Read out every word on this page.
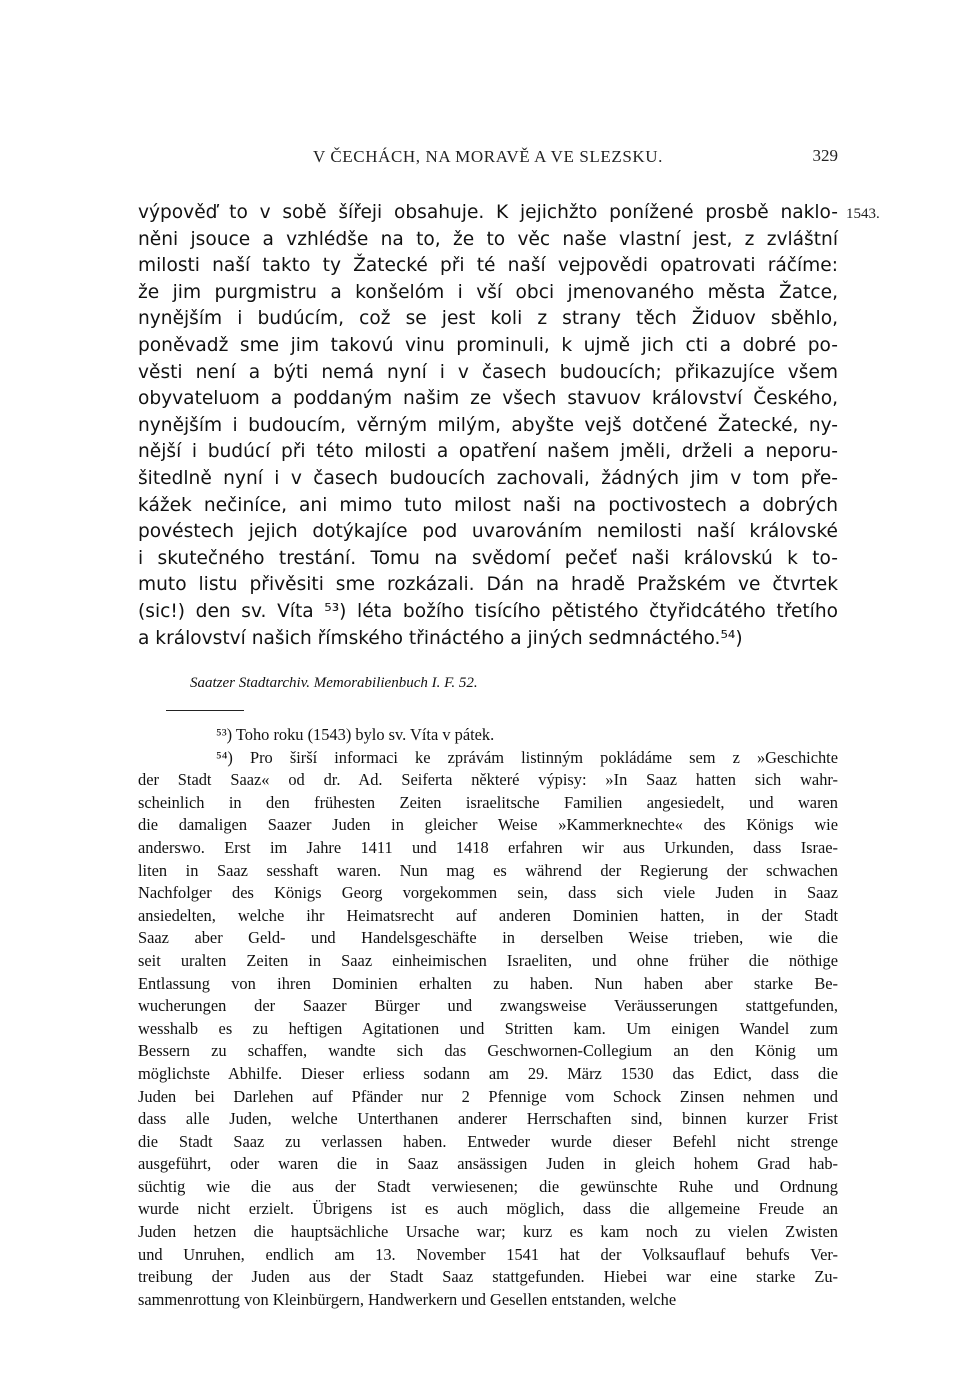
V ČECHÁCH, NA MORAVĚ A VE SLEZSKU.	329
1543.
výpověď to v sobě šířeji obsahuje. K jejichžto ponížené prosbě naklo-
něni jsouce a vzhlédše na to, že to věc naše vlastní jest, z zvláštní
milosti naší takto ty Žatecké při té naší vejpovědi opatrovati ráčíme:
že jim purgmistru a konšelóm i vší obci jmenovaného města Žatce,
nynějším i budúcím, což se jest koli z strany těch Židuov sběhlo,
poněvadž sme jim takovú vinu prominuli, k ujmě jich cti a dobré po-
věsti není a býti nemá nyní i v časech budoucích; přikazujíce všem
obyvateluom a poddaným našim ze všech stavuov království Českého,
nynějším i budoucím, věrným milým, abyšte vejš dotčené Žatecké, ny-
nější i budúcí při této milosti a opatření našem jměli, drželi a neporu-
šitedlně nyní i v časech budoucích zachovali, žádných jim v tom pře-
kážek nečiníce, ani mimo tuto milost naši na poctivostech a dobrých
povéstech jejich dotýkajíce pod uvarováním nemilosti naší královské
i skutečného trestání. Tomu na svědomí pečeť naši královskú k to-
muto listu přivěsiti sme rozkázali. Dán na hradě Pražském ve čtvrtek
(sic!) den sv. Víta ⁵³) léta božího tisícího pětistého čtyřidcátého třetího
a království našich římského třináctého a jiných sedmnáctého.⁵⁴)
Saatzer Stadtarchiv. Memorabilienbuch I. F. 52.
⁵³) Toho roku (1543) bylo sv. Víta v pátek.
⁵⁴) Pro širší informaci ke zprávám listinným pokládáme sem z »Geschichte
der Stadt Saaz« od dr. Ad. Seiferta některé výpisy: »In Saaz hatten sich wahr-
scheinlich in den frühesten Zeiten israelitsche Familien angesiedelt, und waren
die damaligen Saazer Juden in gleicher Weise »Kammerknechte« des Königs wie
anderswo. Erst im Jahre 1411 und 1418 erfahren wir aus Urkunden, dass Israe-
liten in Saaz sesshaft waren. Nun mag es während der Regierung der schwachen
Nachfolger des Königs Georg vorgekommen sein, dass sich viele Juden in Saaz
ansiedelten, welche ihr Heimatsrecht auf anderen Dominien hatten, in der Stadt
Saaz aber Geld- und Handelsgeschäfte in derselben Weise trieben, wie die
seit uralten Zeiten in Saaz einheimischen Israeliten, und ohne früher die nöthige
Entlassung von ihren Dominien erhalten zu haben. Nun haben aber starke Be-
wucherungen der Saazer Bürger und zwangsweise Veräusserungen stattgefunden,
wesshalb es zu heftigen Agitationen und Stritten kam. Um einigen Wandel zum
Bessern zu schaffen, wandte sich das Geschwornen-Collegium an den König um
möglichste Abhilfe. Dieser erliess sodann am 29. März 1530 das Edict, dass die
Juden bei Darlehen auf Pfänder nur 2 Pfennige vom Schock Zinsen nehmen und
dass alle Juden, welche Unterthanen anderer Herrschaften sind, binnen kurzer Frist
die Stadt Saaz zu verlassen haben. Entweder wurde dieser Befehl nicht strenge
ausgeführt, oder waren die in Saaz ansässigen Juden in gleich hohem Grad hab-
süchtig wie die aus der Stadt verwiesenen; die gewünschte Ruhe und Ordnung
wurde nicht erzielt. Übrigens ist es auch möglich, dass die allgemeine Freude an
Juden hetzen die hauptsächliche Ursache war; kurz es kam noch zu vielen Zwisten
und Unruhen, endlich am 13. November 1541 hat der Volksauflauf behufs Ver-
treibung der Juden aus der Stadt Saaz stattgefunden. Hiebei war eine starke Zu-
sammenrottung von Kleinbürgern, Handwerkern und Gesellen entstanden, welche
